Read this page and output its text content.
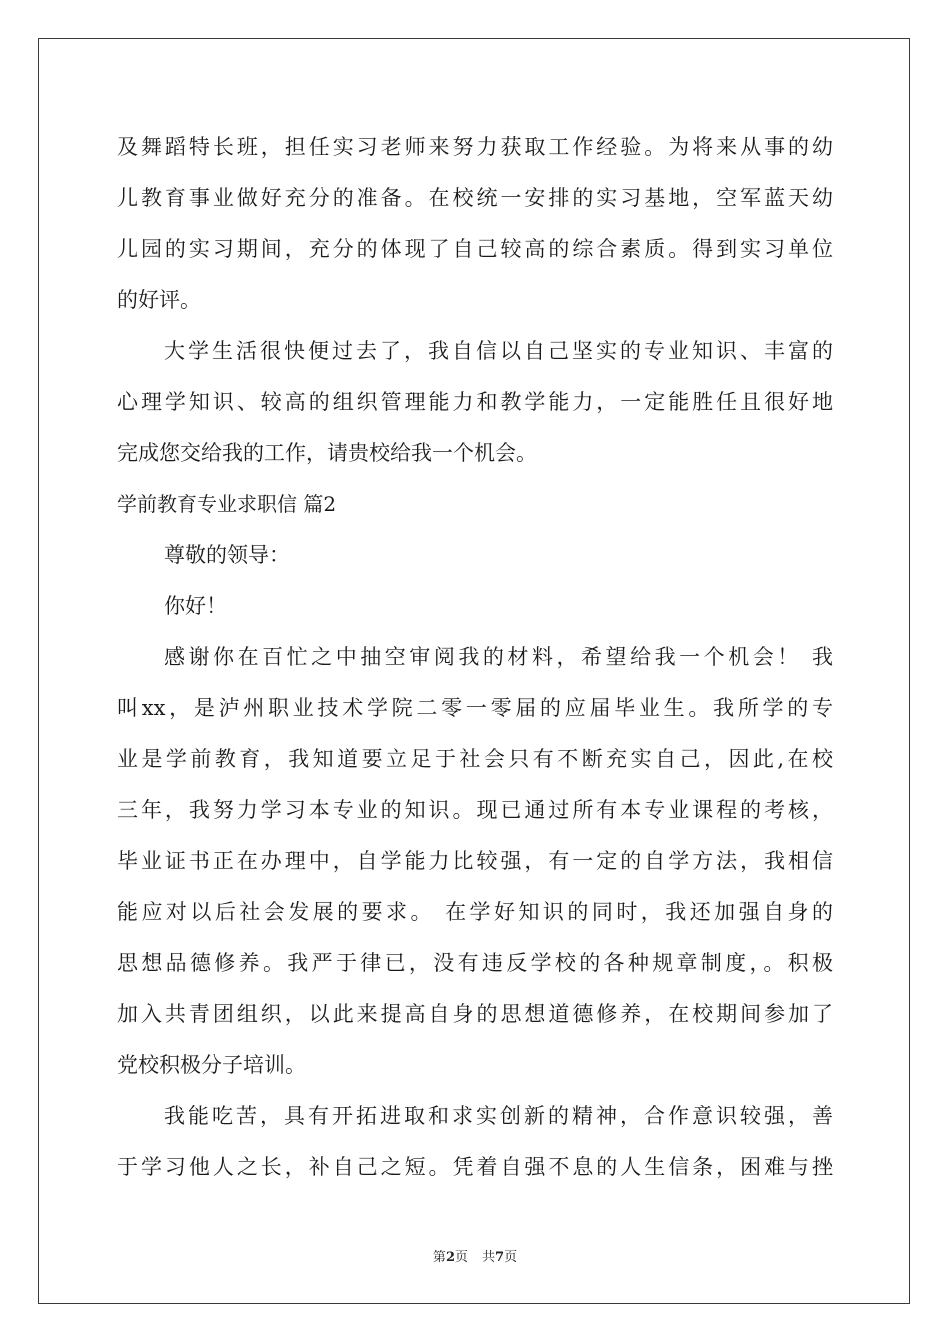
及舞蹈特长班，担任实习老师来努力获取工作经验。为将来从事的幼
儿教育事业做好充分的准备。在校统一安排的实习基地，空军蓝天幼
儿园的实习期间，充分的体现了自己较高的综合素质。得到实习单位
的好评。
大学生活很快便过去了，我自信以自己坚实的专业知识、丰富的
心理学知识、较高的组织管理能力和教学能力，一定能胜任且很好地
完成您交给我的工作，请贵校给我一个机会。
学前教育专业求职信 篇2
尊敬的领导：
你好！
感谢你在百忙之中抽空审阅我的材料，希望给我一个机会！ 我
叫xx，是泸州职业技术学院二零一零届的应届毕业生。我所学的专
业是学前教育，我知道要立足于社会只有不断充实自己，因此,在校
三年，我努力学习本专业的知识。现已通过所有本专业课程的考核，
毕业证书正在办理中，自学能力比较强，有一定的自学方法，我相信
能应对以后社会发展的要求。 在学好知识的同时，我还加强自身的
思想品德修养。我严于律已，没有违反学校的各种规章制度，。积极
加入共青团组织，以此来提高自身的思想道德修养，在校期间参加了
党校积极分子培训。
我能吃苦，具有开拓进取和求实创新的精神，合作意识较强，善
于学习他人之长，补自己之短。凭着自强不息的人生信条，困难与挫
第2页 共7页
